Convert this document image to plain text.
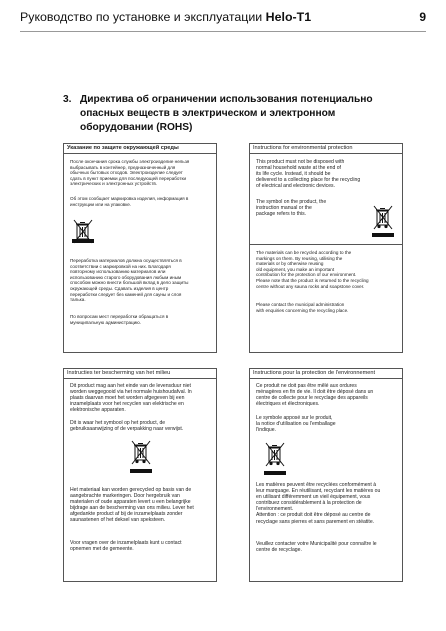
Руководство по установке и эксплуатации Helo-T1	9
3. Директива об ограничении использования потенциально опасных веществ в электрическом и электронном оборудовании (ROHS)
Указание по защите окружающей среды

После окончания срока службы электроизделие нельзя
выбрасывать в контейнер, предназначенный для
обычных бытовых отходов. Электроизделие следует
сдать в пункт приемки для последующей переработки
электрических и электронных устройств.

Об этом сообщает маркировка изделия, информация в
инструкции или на упаковке.

Переработка материалов должна осуществляться в
соответствии с маркировкой на них. Благодаря
повторному использованию материалов или
использованию старого оборудования любым иным
способом можно внести большой вклад в дело защиты
окружающей среды. Сдавать изделия в центр
переработки следует без каменей для сауны и слоя
талька.

По вопросам мест переработки обращаться в
муниципальную администрацию.

Instructions for environmental protection

This product must not be disposed with
normal household waste at the end of
its life cycle. Instead, it should be
delivered to a collecting place for the recycling
of electrical and electronic devices.

The symbol on the product, the
instruction manual or the
package refers to this.

The materials can be recycled according to the
markings on them. By reusing, utilising the
materials or by otherwise reusing
old equipment, you make an important
contribution for the protection of our environment.
Please note that the product is returned to the recycling
centre without any sauna rocks and soapstone cover.

Please contact the municipal administration
with enquiries concerning the recycling place.

Instructies ter bescherming van het milieu

Dit product mag aan het einde van de levensduur niet
worden weggegooid via het normale huishoudafval. In
plaats daarvan moet het worden afgegeven bij een
inzamelplaats voor het recyclen van elektrische en
elektronische apparaten.

Dit is waar het symbool op het product, de
gebruiksaanwijzing of de verpakking naar verwijst.

Het materiaal kan worden gerecycled op basis van de
aangebrachte markeringen. Door hergebruik van
materialen of oude apparaten levert u een belangrijke
bijdrage aan de bescherming van ons milieu. Lever het
afgedankte product af bij de inzamelplaats zonder
saunastenen of het deksel van speksteen.

Voor vragen over de inzamelplaats kunt u contact
opnemen met de gemeente.

Instructions pour la protection de l'environnement

Ce produit ne doit pas être mêlé aux ordures
ménagères en fin de vie. Il doit être déposé dans un
centre de collecte pour le recyclage des appareils
électriques et électroniques.

Le symbole apposé sur le produit,
la notice d'utilisation ou l'emballage
l'indique.

Les matières peuvent être recyclées conformément à
leur marquage. En réutilisant, recyclant les matières ou
en utilisant différemment un vieil équipement, vous
contribuez considérablement à la protection de
l'environnement.
Attention : ce produit doit être déposé au centre de
recyclage sans pierres et sans parement en stéatite.

Veuillez contacter votre Municipalité pour connaître le
centre de recyclage.
